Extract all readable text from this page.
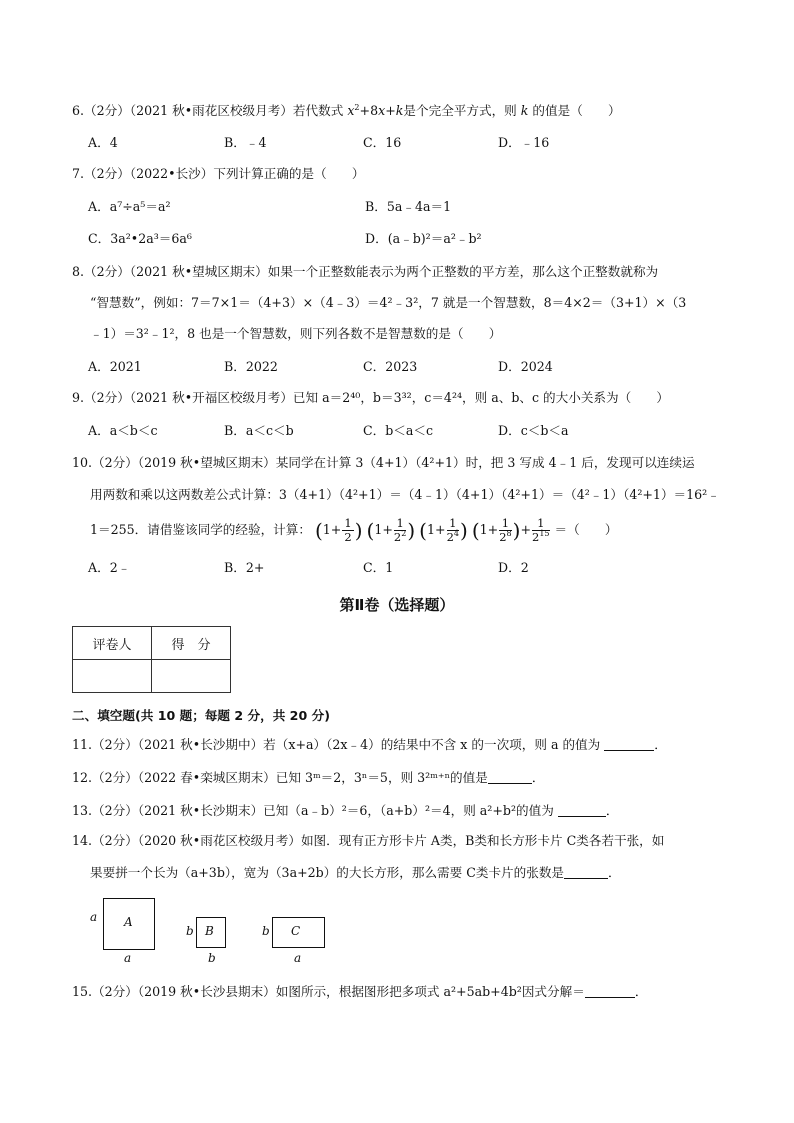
6.（2分）（2021 秋•雨花区校级月考）若代数式 $x^2+8x+k$是个完全平方式，则 k 的值是（　　）
A．4	B．﹣4	C．16	D．﹣16
7.（2分）（2022•长沙）下列计算正确的是（　　）
A．a⁷÷a⁵＝a²	B．5a﹣4a＝1
C．3a²•2a³＝6a⁶	D．(a﹣b)²＝a²﹣b²
8.（2分）（2021 秋•望城区期末）如果一个正整数能表示为两个正整数的平方差，那么这个正整数就称为
“智慧数”，例如：7＝7×1＝（4+3）×（4﹣3）＝4²﹣3²，7 就是一个智慧数，8＝4×2＝（3+1）×（3
﹣1）＝3²﹣1²，8 也是一个智慧数，则下列各数不是智慧数的是（　　）
A．2021	B．2022	C．2023	D．2024
9.（2分）（2021 秋•开福区校级月考）已知 a＝2⁴⁰，b＝3³²，c＝4²⁴，则 a、b、c 的大小关系为（　　）
A．a＜b＜c	B．a＜c＜b	C．b＜a＜c	D．c＜b＜a
10.（2分）（2019 秋•望城区期末）某同学在计算 3（4+1）（4²+1）时，把 3 写成 4﹣1 后，发现可以连续运
用两数和乘以这两数差公式计算：3（4+1）（4²+1）＝（4﹣1）（4+1）（4²+1）＝（4²﹣1）（4²+1）＝16²﹣
1＝255．请借鉴该同学的经验，计算： ($1+ \frac{1}{2}$ ) ($1+ \frac{1}{2^2}$ ) ($1+ \frac{1}{2^4}$ ) ($1+ \frac{1}{2^8}$ )+ $\frac{1}{2^{15}}$ ＝（　　）
A．2﹣	B．2+	C．1	D．2
第Ⅱ卷（选择题）
评卷人	得　分

二、填空题(共 10 题；每题 2 分，共 20 分)
11.（2分）（2021 秋•长沙期中）若（x+a）（2x﹣4）的结果中不含 x 的一次项，则 a 的值为	．
12.（2分）（2022 春•栾城区期末）已知 3ᵐ＝2，3ⁿ＝5，则 3²ᵐ⁺ⁿ的值是	．
13.（2分）（2021 秋•长沙期末）已知（a﹣b）²＝6，（a+b）²＝4，则 a²+b²的值为	．
14.（2分）（2020 秋•雨花区校级月考）如图．现有正方形卡片 A类，B类和长方形卡片 C类各若干张，如
果要拼一个长为（a+3b），宽为（3a+2b）的大长方形，那么需要 C类卡片的张数是	．
a A
a
b B
b
b C
a
15.（2分）（2019 秋•长沙县期末）如图所示，根据图形把多项式 a²+5ab+4b²因式分解＝	．
